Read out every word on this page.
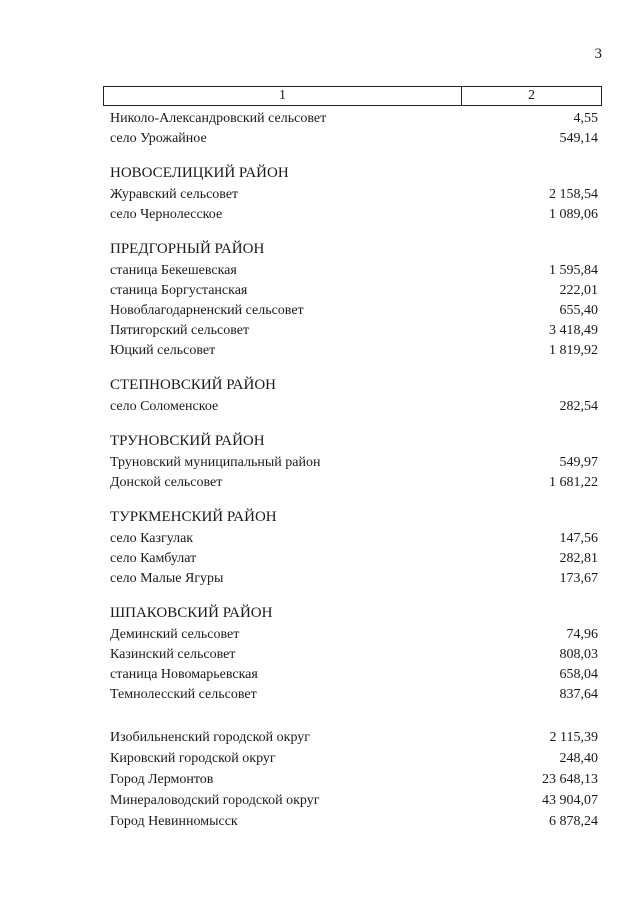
3
1	2
Николо-Александровский сельсовет	4,55
село Урожайное	549,14
НОВОСЕЛИЦКИЙ РАЙОН
Журавский сельсовет	2 158,54
село Чернолесское	1 089,06
ПРЕДГОРНЫЙ РАЙОН
станица Бекешевская	1 595,84
станица Боргустанская	222,01
Новоблагодарненский сельсовет	655,40
Пятигорский сельсовет	3 418,49
Юцкий сельсовет	1 819,92
СТЕПНОВСКИЙ РАЙОН
село Соломенское	282,54
ТРУНОВСКИЙ РАЙОН
Труновский муниципальный район	549,97
Донской сельсовет	1 681,22
ТУРКМЕНСКИЙ РАЙОН
село Казгулак	147,56
село Камбулат	282,81
село Малые Ягуры	173,67
ШПАКОВСКИЙ РАЙОН
Деминский сельсовет	74,96
Казинский сельсовет	808,03
станица Новомарьевская	658,04
Темнолесский сельсовет	837,64
Изобильненский городской округ	2 115,39
Кировский городской округ	248,40
Город Лермонтов	23 648,13
Минераловодский городской округ	43 904,07
Город Невинномысск	6 878,24
